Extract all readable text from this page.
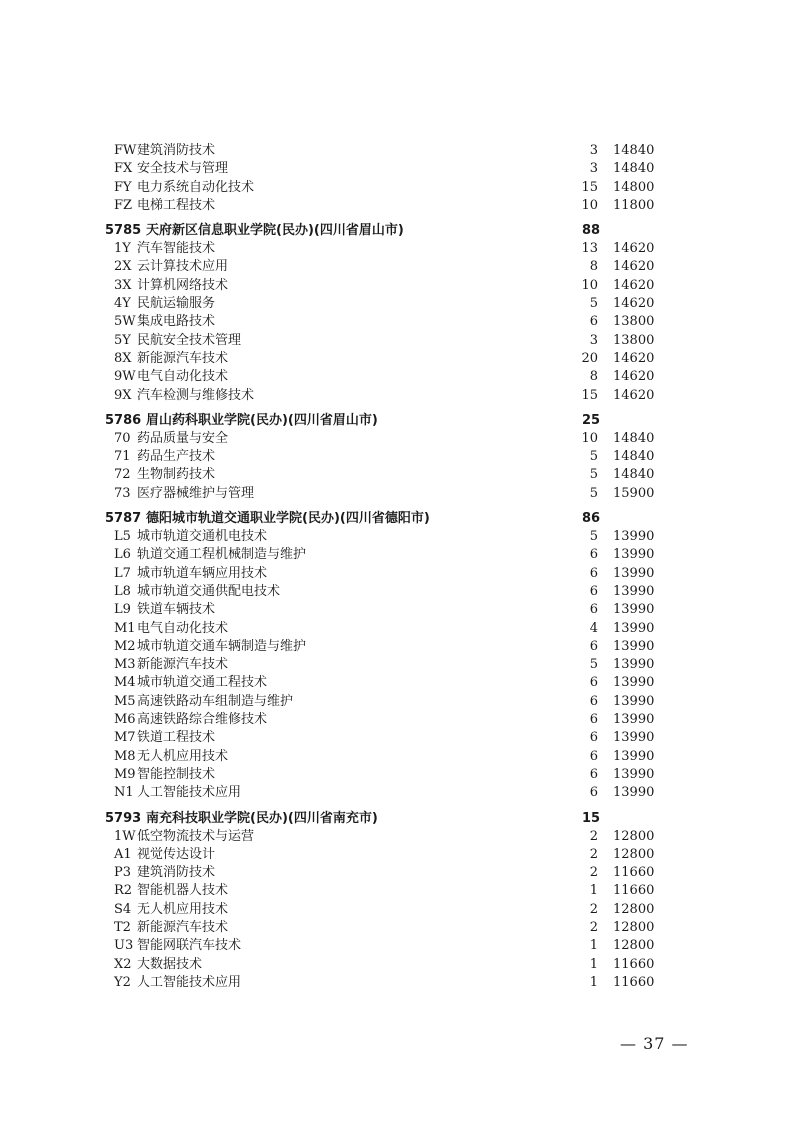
FW 建筑消防技术	3 14840
FX 安全技术与管理	3 14840
FY 电力系统自动化技术	15 14800
FZ 电梯工程技术	10 11800
5785 天府新区信息职业学院(民办)(四川省眉山市)	88
1Y 汽车智能技术	13 14620
2X 云计算技术应用	8 14620
3X 计算机网络技术	10 14620
4Y 民航运输服务	5 14620
5W 集成电路技术	6 13800
5Y 民航安全技术管理	3 13800
8X 新能源汽车技术	20 14620
9W 电气自动化技术	8 14620
9X 汽车检测与维修技术	15 14620
5786 眉山药科职业学院(民办)(四川省眉山市)	25
70 药品质量与安全	10 14840
71 药品生产技术	5 14840
72 生物制药技术	5 14840
73 医疗器械维护与管理	5 15900
5787 德阳城市轨道交通职业学院(民办)(四川省德阳市)	86
L5 城市轨道交通机电技术	5 13990
L6 轨道交通工程机械制造与维护	6 13990
L7 城市轨道车辆应用技术	6 13990
L8 城市轨道交通供配电技术	6 13990
L9 铁道车辆技术	6 13990
M1 电气自动化技术	4 13990
M2 城市轨道交通车辆制造与维护	6 13990
M3 新能源汽车技术	5 13990
M4 城市轨道交通工程技术	6 13990
M5 高速铁路动车组制造与维护	6 13990
M6 高速铁路综合维修技术	6 13990
M7 铁道工程技术	6 13990
M8 无人机应用技术	6 13990
M9 智能控制技术	6 13990
N1 人工智能技术应用	6 13990
5793 南充科技职业学院(民办)(四川省南充市)	15
1W 低空物流技术与运营	2 12800
A1 视觉传达设计	2 12800
P3 建筑消防技术	2 11660
R2 智能机器人技术	1 11660
S4 无人机应用技术	2 12800
T2 新能源汽车技术	2 12800
U3 智能网联汽车技术	1 12800
X2 大数据技术	1 11660
Y2 人工智能技术应用	1 11660
— 37 —
